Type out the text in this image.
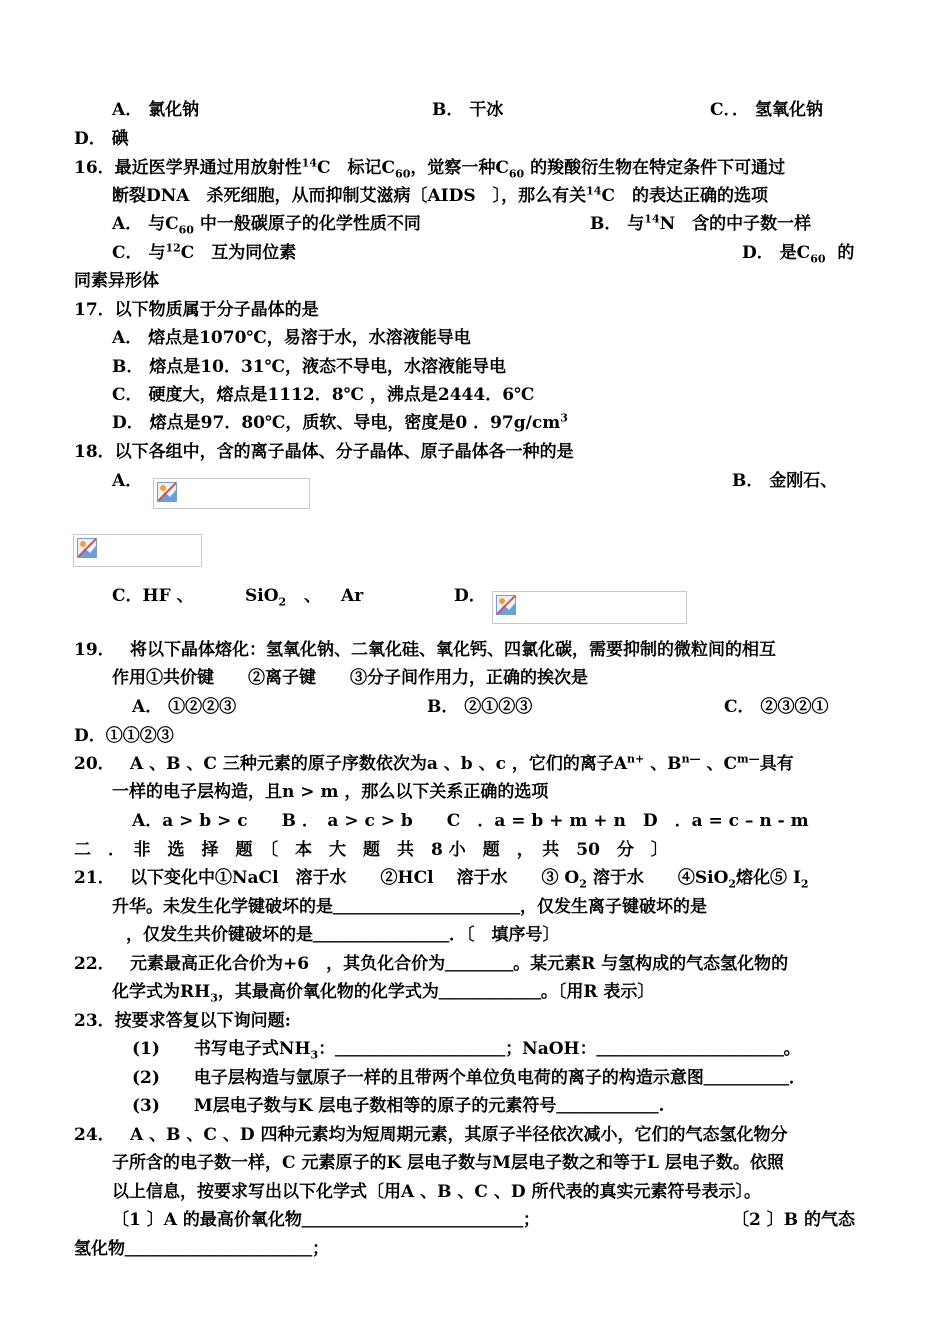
A． 氯化钠	B． 干冰	C．． 氢氧化钠
D． 碘
16．最近医学界通过用放射性$^{14}$C　标记$C_{60}$，觉察一种$C_{60}$ 的羧酸衍生物在特定条件下可通过
断裂DNA　杀死细胞，从而抑制艾滋病〔AIDS　〕，那么有关$^{14}$C　的表达正确的选项
A． 与$C_{60}$ 中一般碳原子的化学性质不同	B． 与$^{14}$N　含的中子数一样
C． 与$^{12}$C　互为同位素	D． 是$C_{60}$ 的
同素异形体
17．以下物质属于分子晶体的是
A． 熔点是1070℃，易溶于水，水溶液能导电
B． 熔点是10．31℃，液态不导电，水溶液能导电
C． 硬度大，熔点是1112．8℃ ，沸点是2444．6℃
D． 熔点是97．80℃，质软、导电，密度是0 ．$97g/cm^3$
18．以下各组中，含的离子晶体、分子晶体、原子晶体各一种的是
A．	B． 金刚石、
C．HF 、	SiO$_2$ 、 Ar	D．
19． 将以下晶体熔化：氢氧化钠、二氧化硅、氧化钙、四氯化碳，需要抑制的微粒间的相互
作用①共价键　　②离子键　　③分子间作用力，正确的挨次是
A． ①②②③	B． ②①②③	C． ②③②①
D．①①②③
20． A 、B 、C 三种元素的原子序数依次为a 、b 、c ，它们的离子$A^{n+}$ 、$B^{n—}$ 、$C^{m—}$具有
一样的电子层构造，且n > m ，那么以下关系正确的选项
A．a > b > c　　B ．　a > c > b　　C　．a = b + m + n　D　．a = c – n - m
二　．　非　选　择　题　〔　本　大　题　共　8 小　题　，　共　50　分　〕
21． 以下变化中①NaCl　溶于水　　②HCl　 溶于水　　③ $O_2$ 溶于水　　④SiO$_2$熔化⑤ $I_2$
升华。未发生化学键破坏的是＿＿＿＿＿＿＿＿＿＿＿，仅发生离子键破坏的是
，仅发生共价键破坏的是＿＿＿＿＿＿＿＿．〔　填序号〕
22． 元素最高正化合价为+6　，其负化合价为＿＿＿＿。某元素R 与氢构成的气态氢化物的
化学式为$RH_3$，其最高价氧化物的化学式为＿＿＿＿＿＿。〔用R 表示〕
23．按要求答复以下询问题:
(1)　　书写电子式$NH_3$：＿＿＿＿＿＿＿＿＿＿；NaOH：＿＿＿＿＿＿＿＿＿＿＿。
(2)　　电子层构造与氩原子一样的且带两个单位负电荷的离子的构造示意图＿＿＿＿＿．
(3)　　M层电子数与K 层电子数相等的原子的元素符号＿＿＿＿＿＿.
24． A 、B 、C 、D 四种元素均为短周期元素，其原子半径依次减小，它们的气态氢化物分
子所含的电子数一样，C 元素原子的K 层电子数与M层电子数之和等于L 层电子数。依照
以上信息，按要求写出以下化学式〔用A 、B 、C 、D 所代表的真实元素符号表示〕。
〔1 〕A 的最高价氧化物＿＿＿＿＿＿＿＿＿＿＿＿＿；	〔2 〕B 的气态
氢化物＿＿＿＿＿＿＿＿＿＿＿；
